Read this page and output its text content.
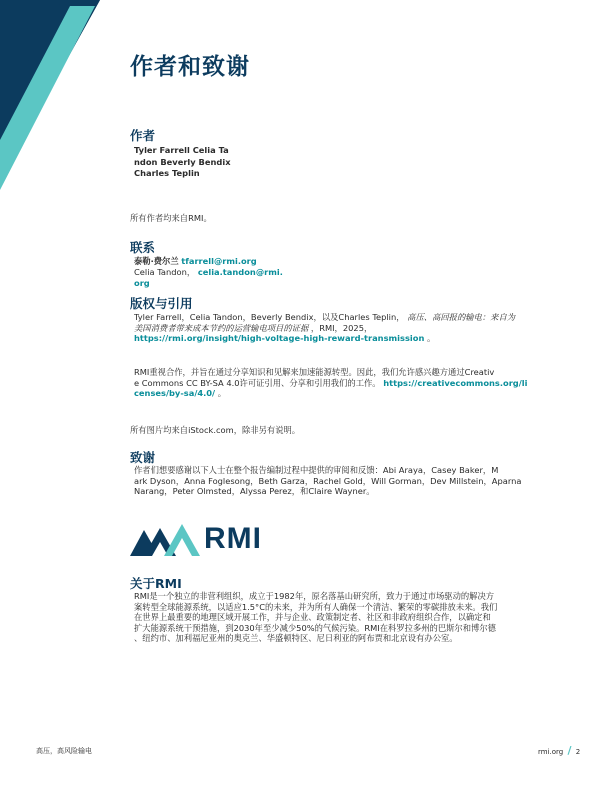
作者和致谢
作者
Tyler Farrell Celia Ta
ndon Beverly Bendix
Charles Teplin
所有作者均来自RMI。
联系
泰勒·费尔兰 tfarrell@rmi.org
Celia Tandon， celia.tandon@rmi.
org
版权与引用
Tyler Farrell，Celia Tandon，Beverly Bendix，以及Charles Teplin， 高压、高回报的输电：来自为
美国消费者带来成本节约的运营输电项目的证据 ，RMI，2025，
https://rmi.org/insight/high-voltage-high-reward-transmission 。
RMI重视合作，并旨在通过分享知识和见解来加速能源转型。因此，我们允许感兴趣方通过Creativ
e Commons CC BY-SA 4.0许可证引用、分享和引用我们的工作。 https://creativecommons.org/li
censes/by-sa/4.0/ 。
所有图片均来自iStock.com，除非另有说明。
致谢
作者们想要感谢以下人士在整个报告编制过程中提供的审阅和反馈：Abi Araya，Casey Baker，M
ark Dyson，Anna Foglesong，Beth Garza，Rachel Gold，Will Gorman，Dev Millstein，Aparna
Narang，Peter Olmsted，Alyssa Perez，和Claire Wayner。
RMI
关于RMI
RMI是一个独立的非营利组织，成立于1982年，原名落基山研究所，致力于通过市场驱动的解决方
案转型全球能源系统，以适应1.5°C的未来，并为所有人确保一个清洁、繁荣的零碳排放未来。我们
在世界上最重要的地理区域开展工作，并与企业、政策制定者、社区和非政府组织合作，以确定和
扩大能源系统干预措施，到2030年至少减少50%的气候污染。RMI在科罗拉多州的巴斯尔和博尔德
、纽约市、加利福尼亚州的奥克兰、华盛顿特区、尼日利亚的阿布贾和北京设有办公室。
高压，高风险输电	rmi.org / 2
